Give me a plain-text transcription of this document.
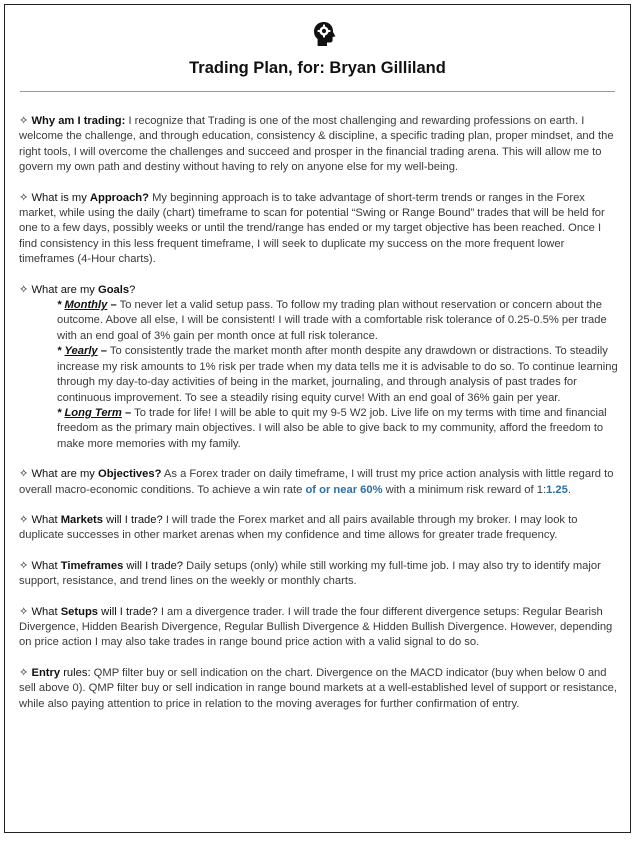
Trading Plan, for: Bryan Gilliland

✧ Why am I trading: I recognize that Trading is one of the most challenging and rewarding professions on earth. I welcome the challenge, and through education, consistency & discipline, a specific trading plan, proper mindset, and the right tools, I will overcome the challenges and succeed and prosper in the financial trading arena. This will allow me to govern my own path and destiny without having to rely on anyone else for my well-being.

✧ What is my Approach? My beginning approach is to take advantage of short-term trends or ranges in the Forex market, while using the daily (chart) timeframe to scan for potential “Swing or Range Bound” trades that will be held for one to a few days, possibly weeks or until the trend/range has ended or my target objective has been reached. Once I find consistency in this less frequent timeframe, I will seek to duplicate my success on the more frequent lower timeframes (4-Hour charts).

✧ What are my Goals?

* Monthly – To never let a valid setup pass. To follow my trading plan without reservation or concern about the outcome. Above all else, I will be consistent! I will trade with a comfortable risk tolerance of 0.25-0.5% per trade with an end goal of 3% gain per month once at full risk tolerance.

* Yearly – To consistently trade the market month after month despite any drawdown or distractions. To steadily increase my risk amounts to 1% risk per trade when my data tells me it is advisable to do so. To continue learning through my day-to-day activities of being in the market, journaling, and through analysis of past trades for continuous improvement. To see a steadily rising equity curve! With an end goal of 36% gain per year.

* Long Term – To trade for life! I will be able to quit my 9-5 W2 job. Live life on my terms with time and financial freedom as the primary main objectives. I will also be able to give back to my community, afford the freedom to make more memories with my family.

✧ What are my Objectives? As a Forex trader on daily timeframe, I will trust my price action analysis with little regard to overall macro-economic conditions. To achieve a win rate of or near 60% with a minimum risk reward of 1:1.25.

✧ What Markets will I trade? I will trade the Forex market and all pairs available through my broker. I may look to duplicate successes in other market arenas when my confidence and time allows for greater trade frequency.

✧ What Timeframes will I trade? Daily setups (only) while still working my full-time job. I may also try to identify major support, resistance, and trend lines on the weekly or monthly charts.

✧ What Setups will I trade? I am a divergence trader. I will trade the four different divergence setups: Regular Bearish Divergence, Hidden Bearish Divergence, Regular Bullish Divergence & Hidden Bullish Divergence. However, depending on price action I may also take trades in range bound price action with a valid signal to do so.

✧ Entry rules: QMP filter buy or sell indication on the chart. Divergence on the MACD indicator (buy when below 0 and sell above 0). QMP filter buy or sell indication in range bound markets at a well-established level of support or resistance, while also paying attention to price in relation to the moving averages for further confirmation of entry.
